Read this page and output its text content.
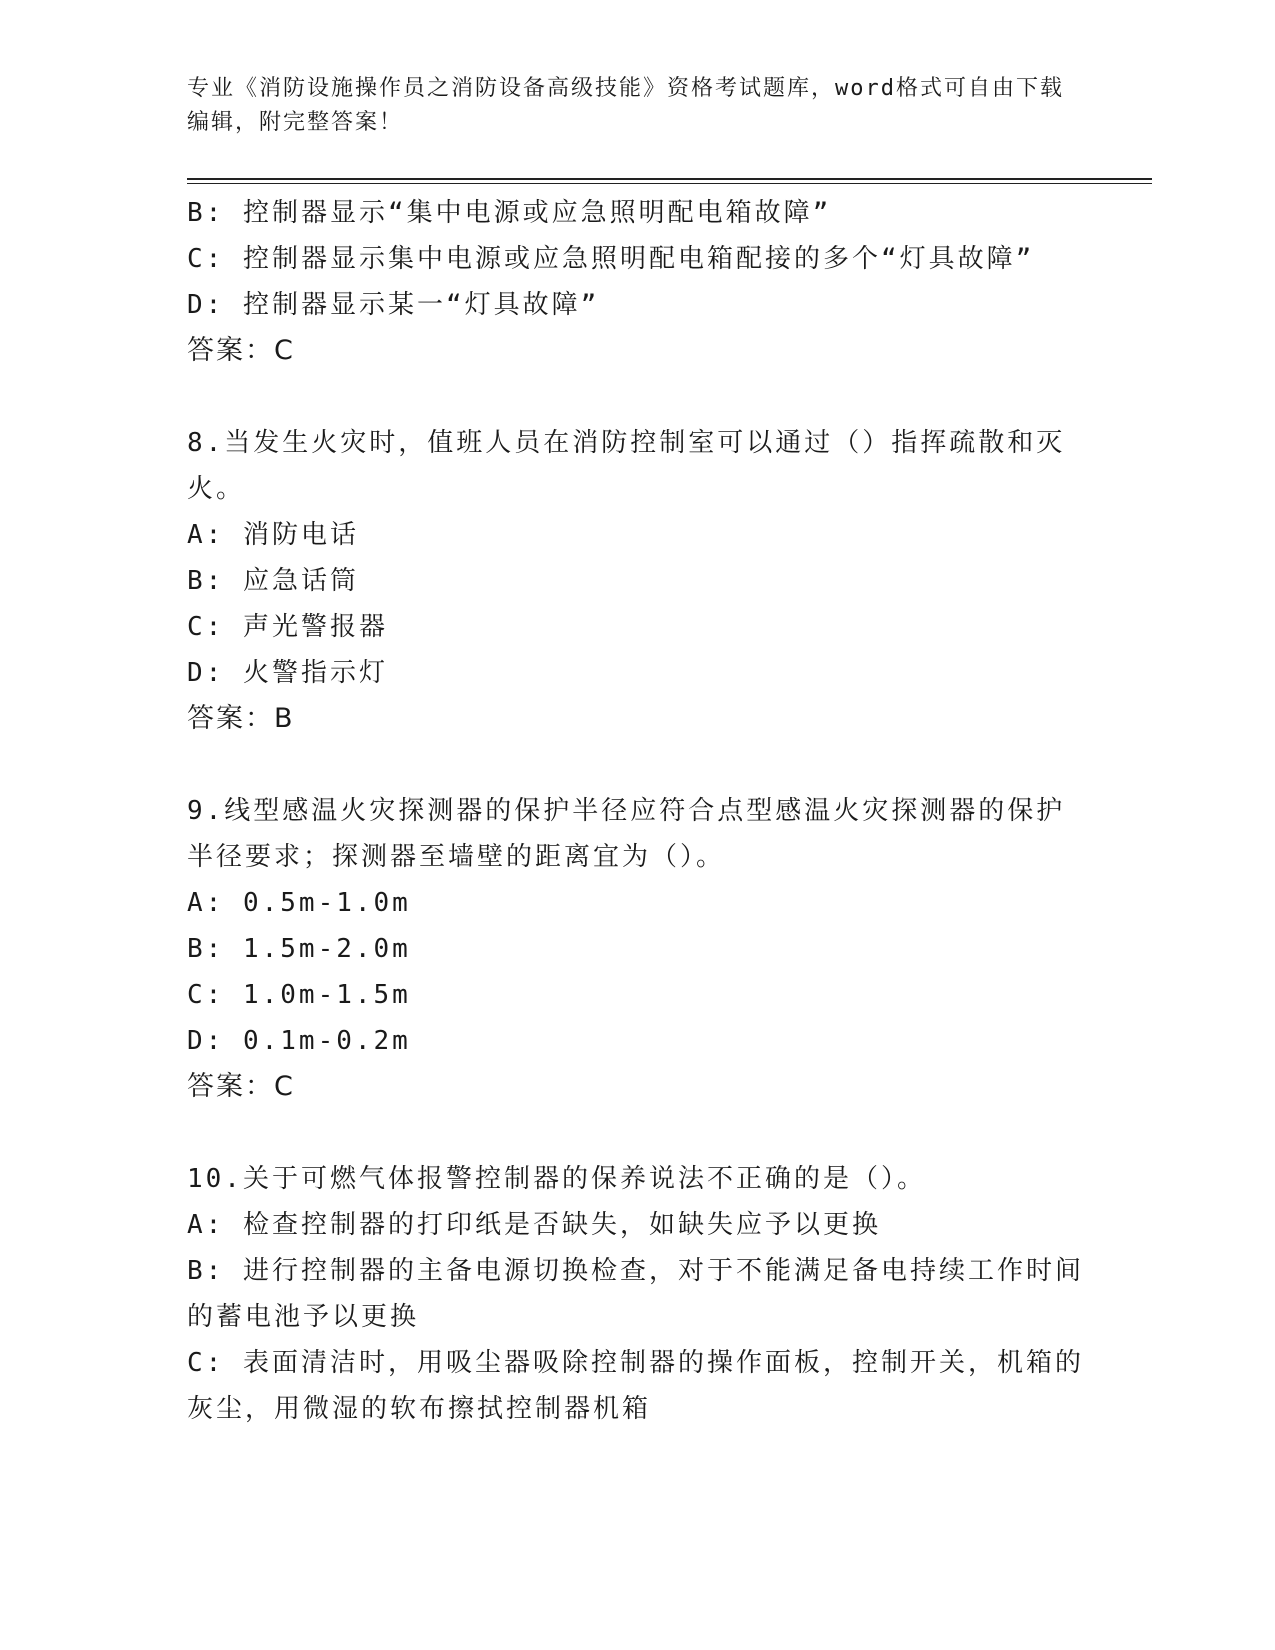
专业《消防设施操作员之消防设备高级技能》资格考试题库，word格式可自由下载编辑，附完整答案！
B: 控制器显示“集中电源或应急照明配电箱故障”
C: 控制器显示集中电源或应急照明配电箱配接的多个“灯具故障”
D: 控制器显示某一“灯具故障”
答案：C
8.当发生火灾时，值班人员在消防控制室可以通过（）指挥疏散和灭
火。
A: 消防电话
B: 应急话筒
C: 声光警报器
D: 火警指示灯
答案：B
9.线型感温火灾探测器的保护半径应符合点型感温火灾探测器的保护
半径要求；探测器至墙壁的距离宜为（）。
A: 0.5m-1.0m
B: 1.5m-2.0m
C: 1.0m-1.5m
D: 0.1m-0.2m
答案：C
10.关于可燃气体报警控制器的保养说法不正确的是（）。
A: 检查控制器的打印纸是否缺失，如缺失应予以更换
B: 进行控制器的主备电源切换检查，对于不能满足备电持续工作时间
的蓄电池予以更换
C: 表面清洁时，用吸尘器吸除控制器的操作面板，控制开关，机箱的
灰尘，用微湿的软布擦拭控制器机箱
